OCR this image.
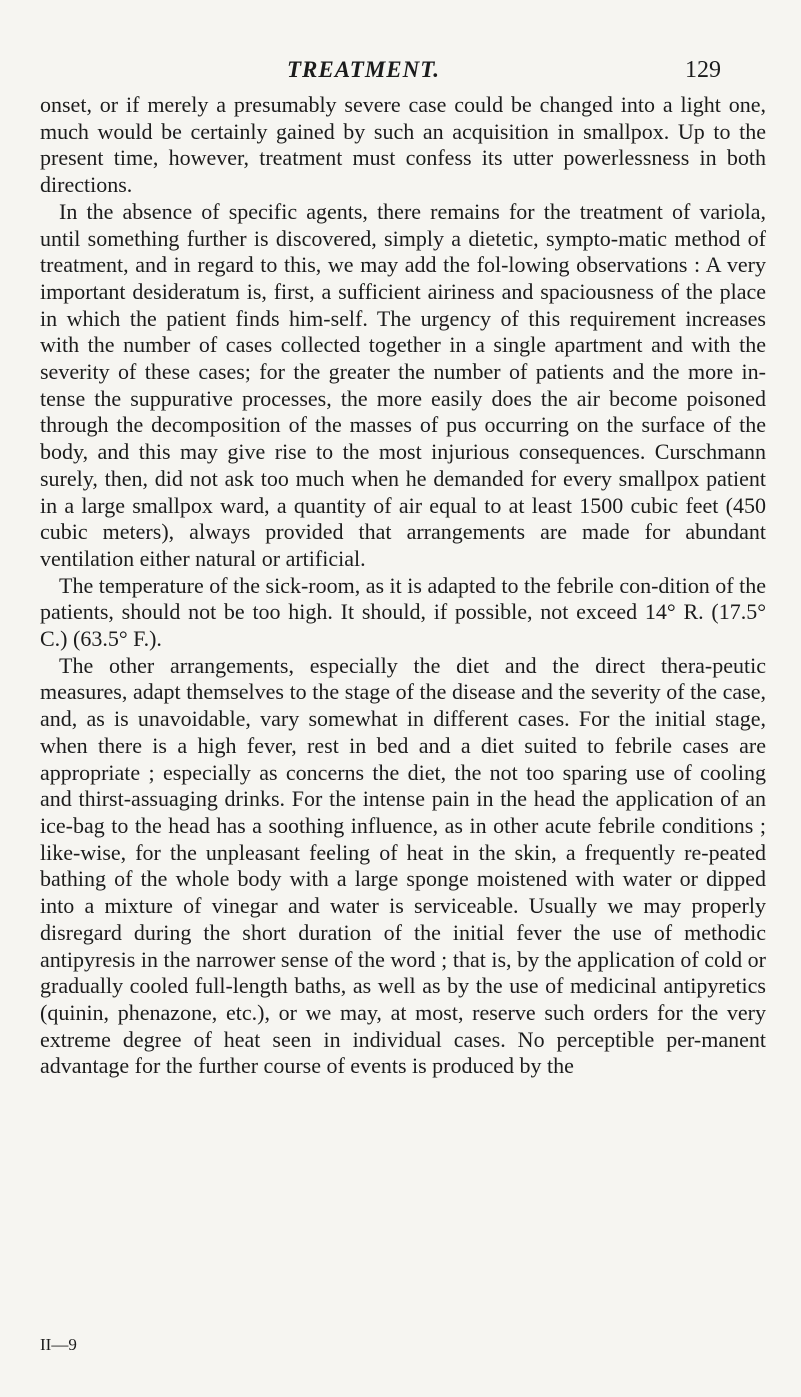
TREATMENT.	129

onset, or if merely a presumably severe case could be changed into a light one, much would be certainly gained by such an acquisition in smallpox. Up to the present time, however, treatment must confess its utter powerlessness in both directions.

In the absence of specific agents, there remains for the treatment of variola, until something further is discovered, simply a dietetic, sympto-matic method of treatment, and in regard to this, we may add the fol-lowing observations : A very important desideratum is, first, a sufficient airiness and spaciousness of the place in which the patient finds him-self. The urgency of this requirement increases with the number of cases collected together in a single apartment and with the severity of these cases; for the greater the number of patients and the more in-tense the suppurative processes, the more easily does the air become poisoned through the decomposition of the masses of pus occurring on the surface of the body, and this may give rise to the most injurious consequences. Curschmann surely, then, did not ask too much when he demanded for every smallpox patient in a large smallpox ward, a quantity of air equal to at least 1500 cubic feet (450 cubic meters), always provided that arrangements are made for abundant ventilation either natural or artificial.

The temperature of the sick-room, as it is adapted to the febrile con-dition of the patients, should not be too high. It should, if possible, not exceed 14° R. (17.5° C.) (63.5° F.).

The other arrangements, especially the diet and the direct thera-peutic measures, adapt themselves to the stage of the disease and the severity of the case, and, as is unavoidable, vary somewhat in different cases. For the initial stage, when there is a high fever, rest in bed and a diet suited to febrile cases are appropriate ; especially as concerns the diet, the not too sparing use of cooling and thirst-assuaging drinks. For the intense pain in the head the application of an ice-bag to the head has a soothing influence, as in other acute febrile conditions ; like-wise, for the unpleasant feeling of heat in the skin, a frequently re-peated bathing of the whole body with a large sponge moistened with water or dipped into a mixture of vinegar and water is serviceable. Usually we may properly disregard during the short duration of the initial fever the use of methodic antipyresis in the narrower sense of the word ; that is, by the application of cold or gradually cooled full-length baths, as well as by the use of medicinal antipyretics (quinin, phenazone, etc.), or we may, at most, reserve such orders for the very extreme degree of heat seen in individual cases. No perceptible per-manent advantage for the further course of events is produced by the

II—9
